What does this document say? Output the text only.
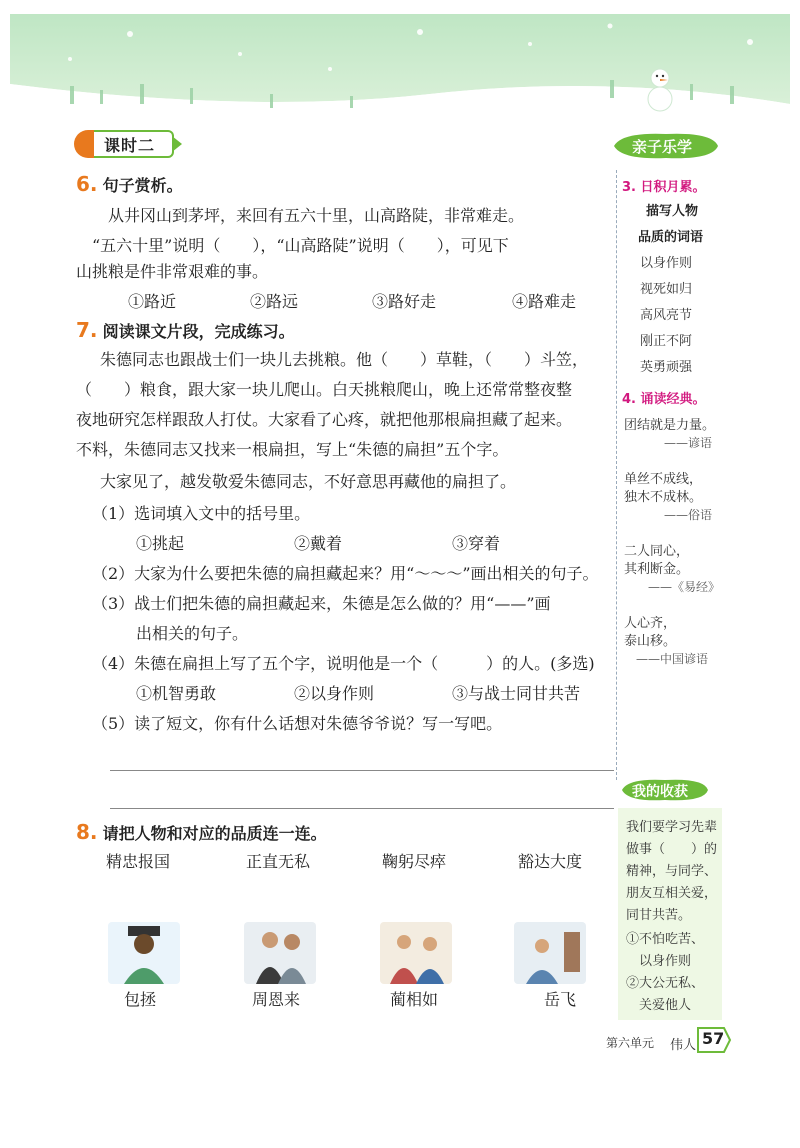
课时二
6. 句子赏析。
从井冈山到茅坪，来回有五六十里，山高路陡，非常难走。
“五六十里”说明（　　），“山高路陡”说明（　　），可见下
山挑粮是件非常艰难的事。
①路近	②路远	③路好走	④路难走
7. 阅读课文片段，完成练习。
朱德同志也跟战士们一块儿去挑粮。他（　　）草鞋，（　　）斗笠，
（　　）粮食，跟大家一块儿爬山。白天挑粮爬山，晚上还常常整夜整
夜地研究怎样跟敌人打仗。大家看了心疼，就把他那根扁担藏了起来。
不料，朱德同志又找来一根扁担，写上“朱德的扁担”五个字。
大家见了，越发敬爱朱德同志，不好意思再藏他的扁担了。
（1）选词填入文中的括号里。
①挑起	②戴着	③穿着
（2）大家为什么要把朱德的扁担藏起来？用“～～～”画出相关的句子。
（3）战士们把朱德的扁担藏起来，朱德是怎么做的？用“——”画
出相关的句子。
（4）朱德在扁担上写了五个字，说明他是一个（　　　）的人。(多选)
①机智勇敢	②以身作则	③与战士同甘共苦
（5）读了短文，你有什么话想对朱德爷爷说？写一写吧。
8. 请把人物和对应的品质连一连。
精忠报国	正直无私	鞠躬尽瘁	豁达大度
包拯	周恩来	蔺相如	岳飞
亲子乐学
3. 日积月累。
描写人物
品质的词语
以身作则
视死如归
高风亮节
刚正不阿
英勇顽强
4. 诵读经典。
团结就是力量。
——谚语
单丝不成线，
独木不成林。
——俗语
二人同心，
其利断金。
——《易经》
人心齐，
泰山移。
——中国谚语
我的收获
我们要学习先辈
做事（　　）的
精神，与同学、
朋友互相关爱，
同甘共苦。
①不怕吃苦、
　以身作则
②大公无私、
　关爱他人
第六单元 伟人 57
